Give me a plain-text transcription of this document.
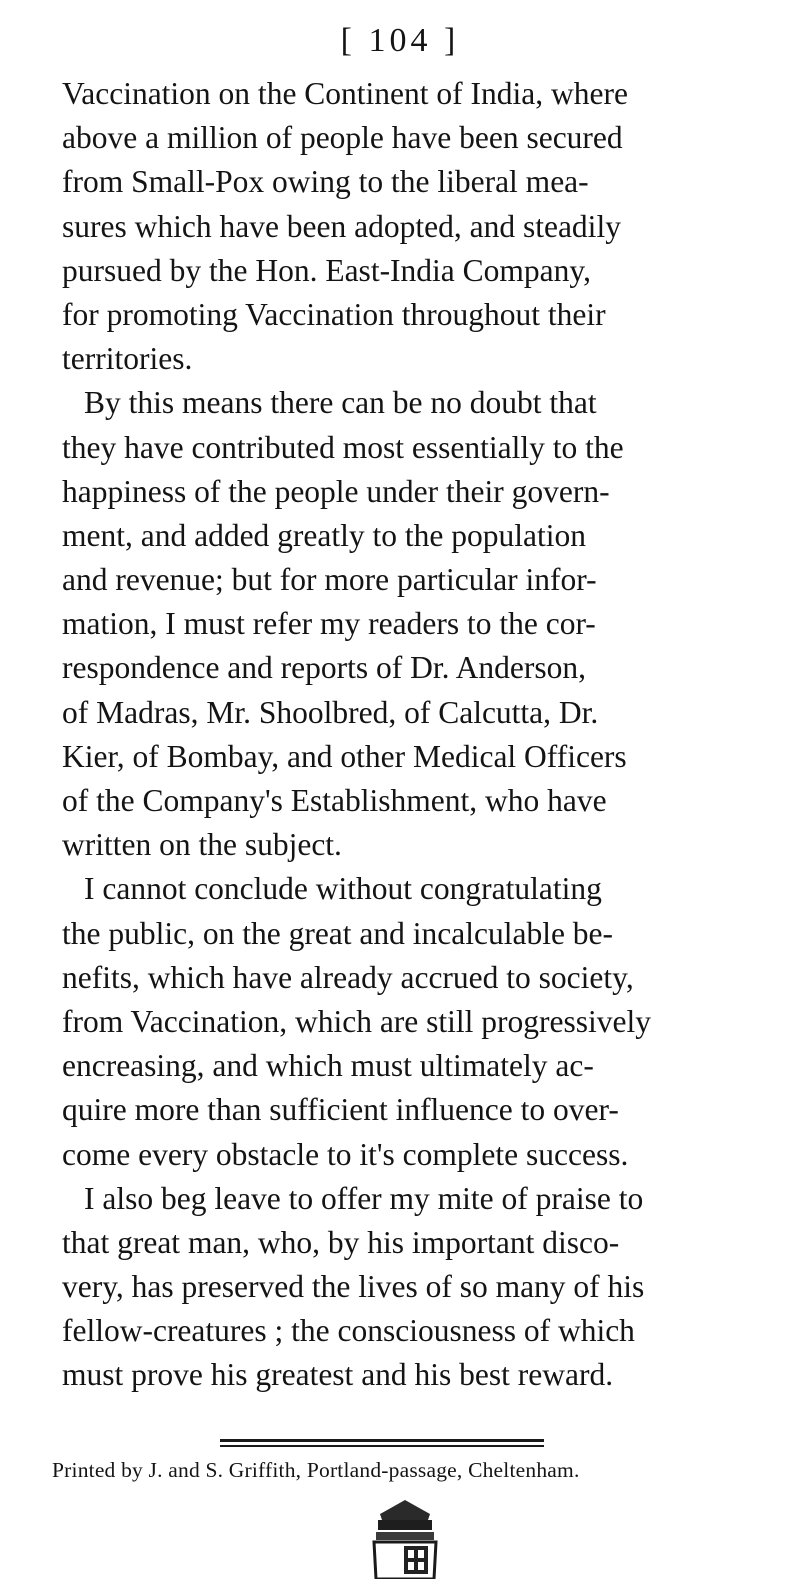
[ 104 ]
Vaccination on the Continent of India, where
above a million of people have been secured
from Small-Pox owing to the liberal mea-
sures which have been adopted, and steadily
pursued by the Hon. East-India Company,
for promoting Vaccination throughout their
territories.
By this means there can be no doubt that
they have contributed most essentially to the
happiness of the people under their govern-
ment, and added greatly to the population
and revenue; but for more particular infor-
mation, I must refer my readers to the cor-
respondence and reports of Dr. Anderson,
of Madras, Mr. Shoolbred, of Calcutta, Dr.
Kier, of Bombay, and other Medical Officers
of the Company's Establishment, who have
written on the subject.
I cannot conclude without congratulating
the public, on the great and incalculable be-
nefits, which have already accrued to society,
from Vaccination, which are still progressively
encreasing, and which must ultimately ac-
quire more than sufficient influence to over-
come every obstacle to it's complete success.
I also beg leave to offer my mite of praise to
that great man, who, by his important disco-
very, has preserved the lives of so many of his
fellow-creatures ; the consciousness of which
must prove his greatest and his best reward.
Printed by J. and S. Griffith, Portland-passage, Cheltenham.
